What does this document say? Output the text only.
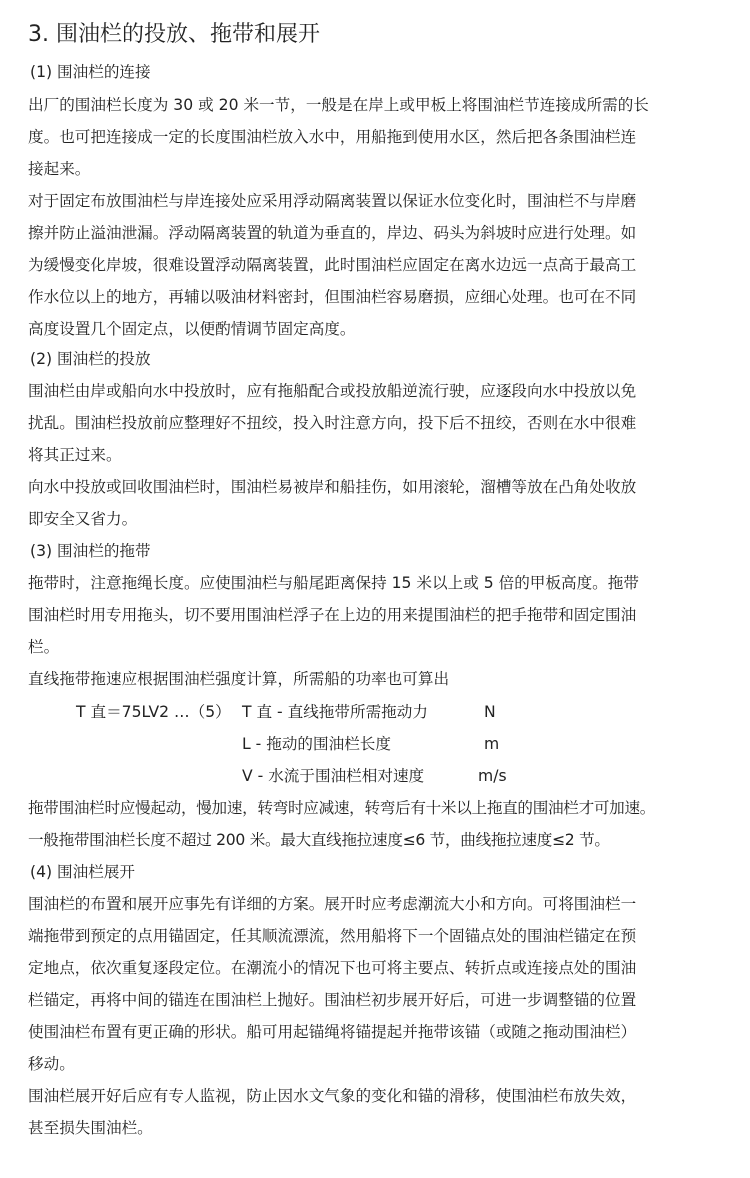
3. 围油栏的投放、拖带和展开
(1) 围油栏的连接
出厂的围油栏长度为 30 或 20 米一节，一般是在岸上或甲板上将围油栏节连接成所需的长
度。也可把连接成一定的长度围油栏放入水中，用船拖到使用水区，然后把各条围油栏连
接起来。
对于固定布放围油栏与岸连接处应采用浮动隔离装置以保证水位变化时，围油栏不与岸磨
擦并防止溢油泄漏。浮动隔离装置的轨道为垂直的，岸边、码头为斜坡时应进行处理。如
为缓慢变化岸坡，很难设置浮动隔离装置，此时围油栏应固定在离水边远一点高于最高工
作水位以上的地方，再辅以吸油材料密封，但围油栏容易磨损，应细心处理。也可在不同
高度设置几个固定点，以便酌情调节固定高度。
(2) 围油栏的投放
围油栏由岸或船向水中投放时，应有拖船配合或投放船逆流行驶，应逐段向水中投放以免
扰乱。围油栏投放前应整理好不扭绞，投入时注意方向，投下后不扭绞，否则在水中很难
将其正过来。
向水中投放或回收围油栏时，围油栏易被岸和船挂伤，如用滚轮，溜槽等放在凸角处收放
即安全又省力。
(3) 围油栏的拖带
拖带时，注意拖绳长度。应使围油栏与船尾距离保持 15 米以上或 5 倍的甲板高度。拖带
围油栏时用专用拖头，切不要用围油栏浮子在上边的用来提围油栏的把手拖带和固定围油
栏。
直线拖带拖速应根据围油栏强度计算，所需船的功率也可算出
T 直＝75LV2 …（5） T 直 - 直线拖带所需拖动力	N
L - 拖动的围油栏长度	m
V - 水流于围油栏相对速度	m/s
拖带围油栏时应慢起动，慢加速，转弯时应减速，转弯后有十米以上拖直的围油栏才可加速。
一般拖带围油栏长度不超过 200 米。最大直线拖拉速度≤6 节，曲线拖拉速度≤2 节。
(4) 围油栏展开
围油栏的布置和展开应事先有详细的方案。展开时应考虑潮流大小和方向。可将围油栏一
端拖带到预定的点用锚固定，任其顺流漂流，然用船将下一个固锚点处的围油栏锚定在预
定地点，依次重复逐段定位。在潮流小的情况下也可将主要点、转折点或连接点处的围油
栏锚定，再将中间的锚连在围油栏上抛好。围油栏初步展开好后，可进一步调整锚的位置
使围油栏布置有更正确的形状。船可用起锚绳将锚提起并拖带该锚（或随之拖动围油栏）
移动。
围油栏展开好后应有专人监视，防止因水文气象的变化和锚的滑移，使围油栏布放失效，
甚至损失围油栏。
